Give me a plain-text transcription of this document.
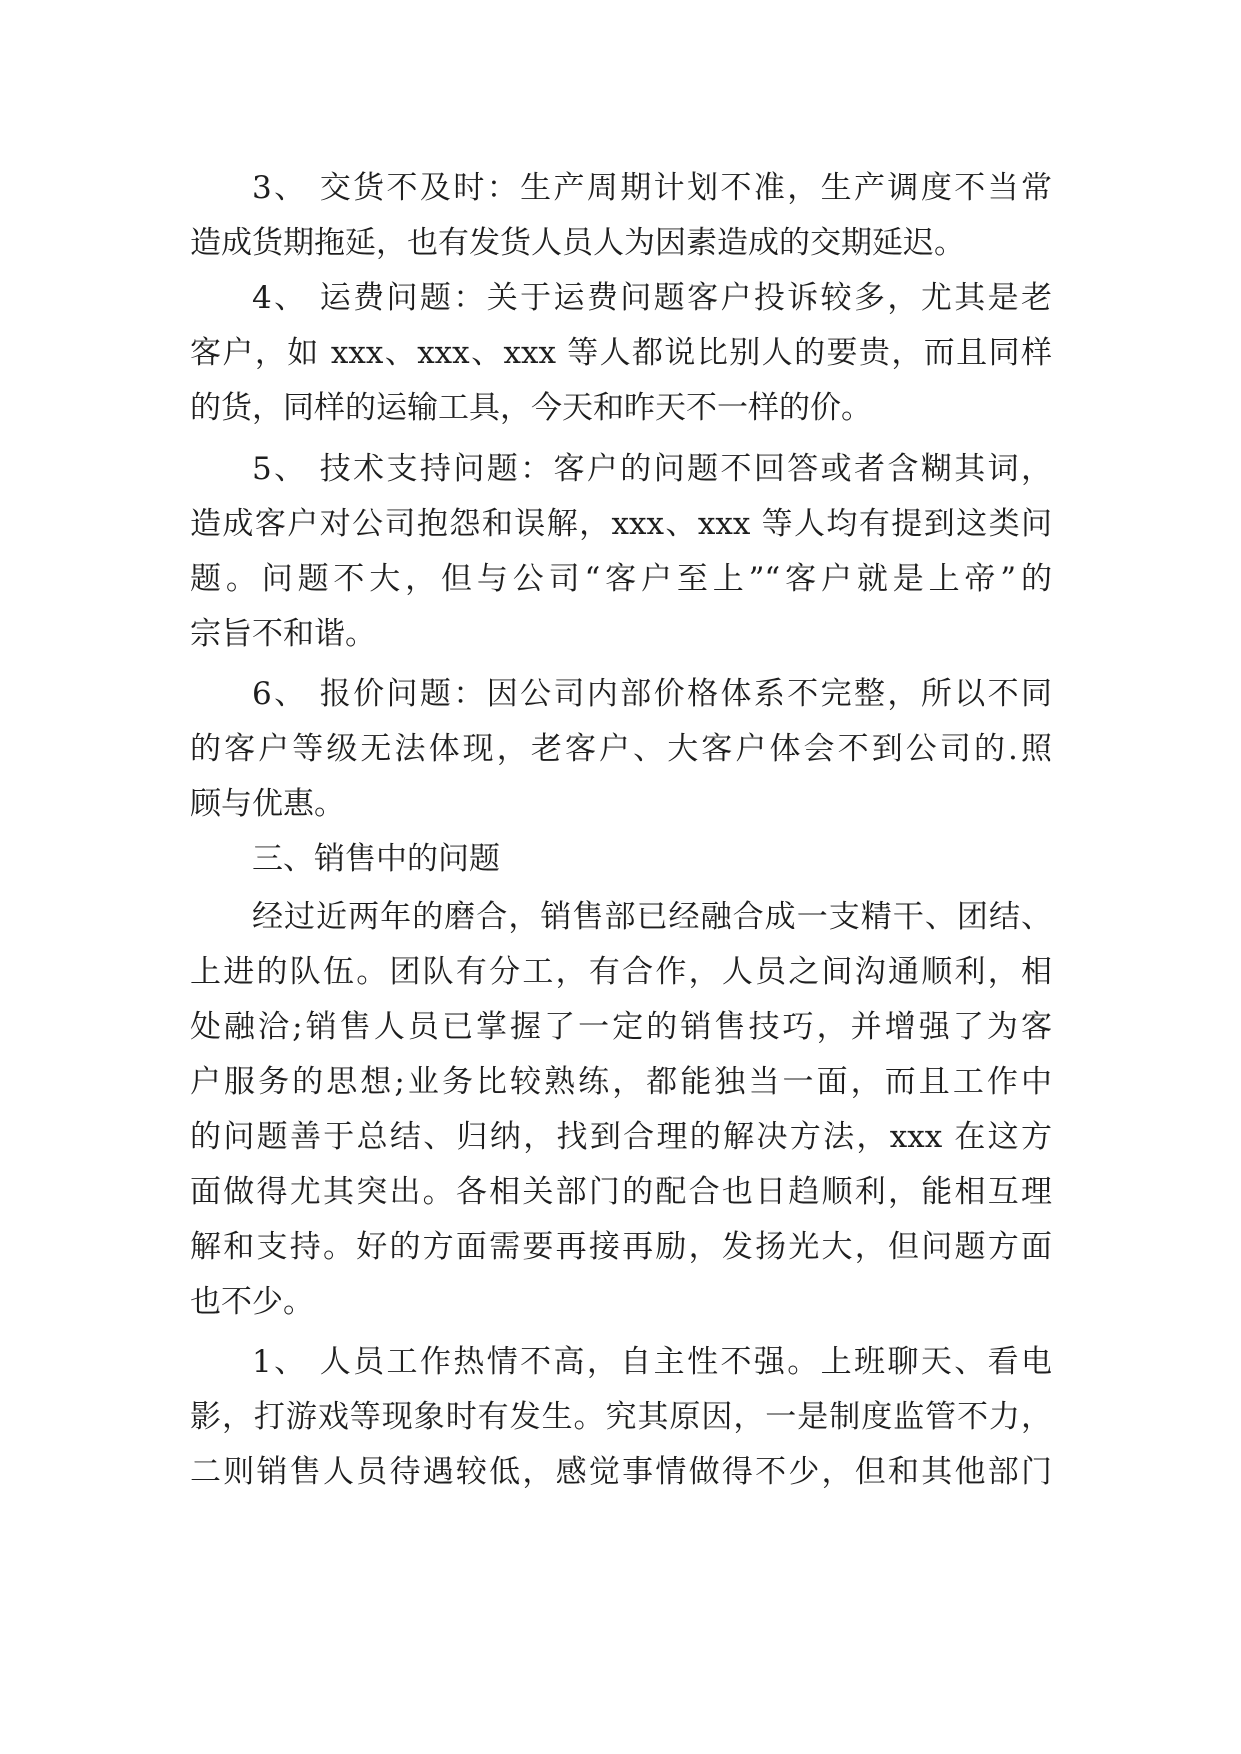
3、 交货不及时：生产周期计划不准，生产调度不当常
造成货期拖延，也有发货人员人为因素造成的交期延迟。
4、 运费问题：关于运费问题客户投诉较多，尤其是老
客户，如 xxx、xxx、xxx 等人都说比别人的要贵，而且同样
的货，同样的运输工具，今天和昨天不一样的价。
5、 技术支持问题：客户的问题不回答或者含糊其词，
造成客户对公司抱怨和误解，xxx、xxx 等人均有提到这类问
题。问题不大，但与公司“客户至上”“客户就是上帝”的
宗旨不和谐。
6、 报价问题：因公司内部价格体系不完整，所以不同
的客户等级无法体现，老客户、大客户体会不到公司的.照
顾与优惠。
三、销售中的问题
经过近两年的磨合，销售部已经融合成一支精干、团结、
上进的队伍。团队有分工，有合作，人员之间沟通顺利，相
处融洽;销售人员已掌握了一定的销售技巧，并增强了为客
户服务的思想;业务比较熟练，都能独当一面，而且工作中
的问题善于总结、归纳，找到合理的解决方法，xxx 在这方
面做得尤其突出。各相关部门的配合也日趋顺利，能相互理
解和支持。好的方面需要再接再励，发扬光大，但问题方面
也不少。
1、 人员工作热情不高，自主性不强。上班聊天、看电
影，打游戏等现象时有发生。究其原因，一是制度监管不力，
二则销售人员待遇较低，感觉事情做得不少，但和其他部门
